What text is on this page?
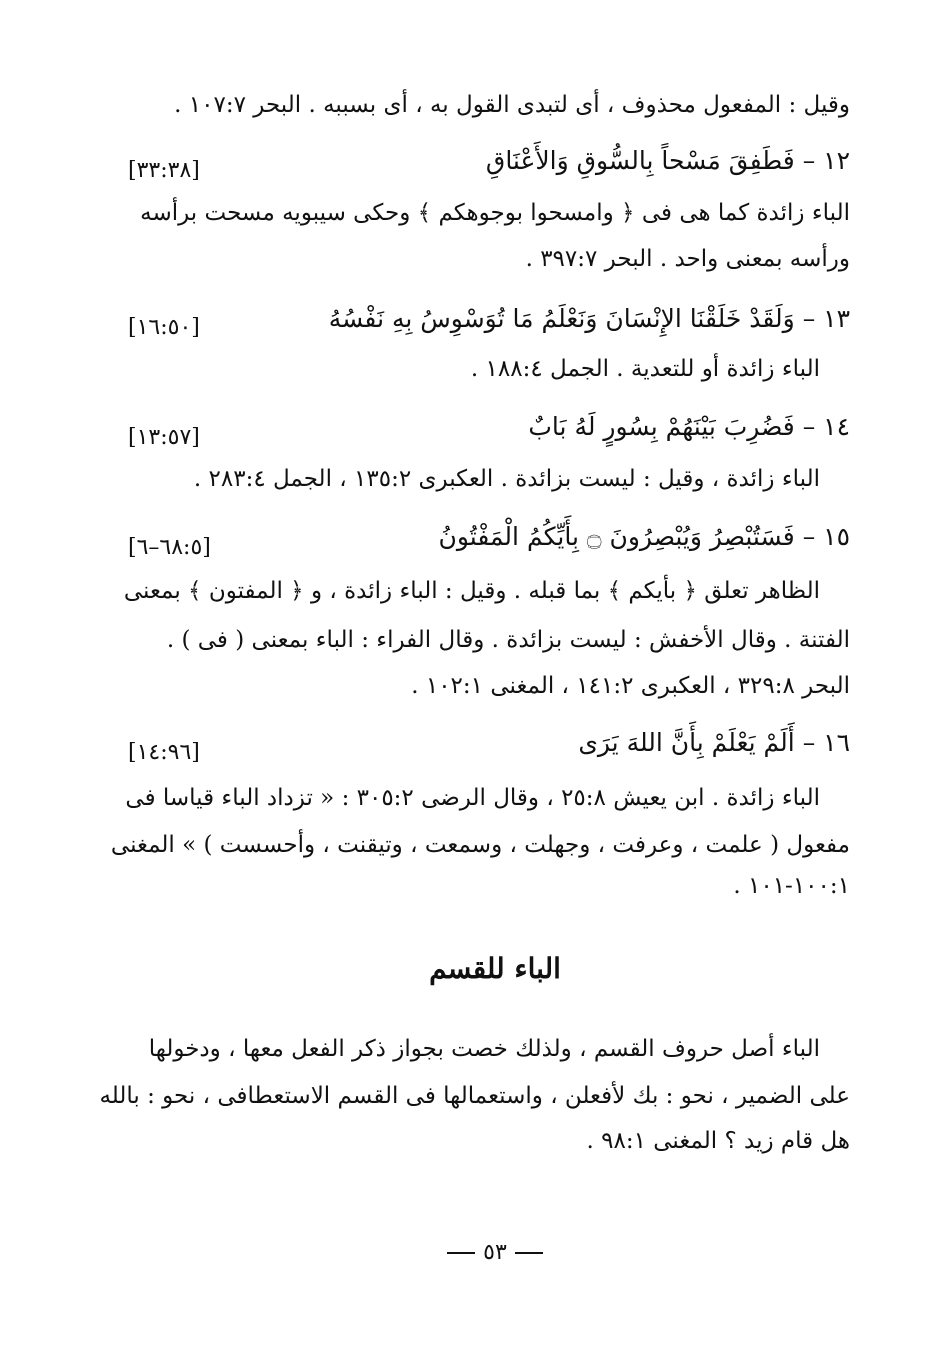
وقيل : المفعول محذوف ، أى لتبدى القول به ، أى بسببه . البحر ١٠٧:٧ .
١٢ – فَطَفِقَ مَسْحاً بِالسُّوقِ وَالأَعْنَاقِ
[٣٣:٣٨]
الباء زائدة كما هى فى ﴿ وامسحوا بوجوهكم ﴾ وحكى سيبويه مسحت برأسه
ورأسه بمعنى واحد . البحر ٣٩٧:٧ .
١٣ – وَلَقَدْ خَلَقْنَا الإِنْسَانَ وَنَعْلَمُ مَا تُوَسْوِسُ بِهِ نَفْسُهُ
[١٦:٥٠]
الباء زائدة أو للتعدية . الجمل ١٨٨:٤ .
١٤ – فَضُرِبَ بَيْنَهُمْ بِسُورٍ لَهُ بَابٌ
[١٣:٥٧]
الباء زائدة ، وقيل : ليست بزائدة . العكبرى ١٣٥:٢ ، الجمل ٢٨٣:٤ .
١٥ – فَسَتُبْصِرُ وَيُبْصِرُونَ ۝ بِأَيِّكُمُ الْمَفْتُونُ
[٦٨:٥–٦]
الظاهر تعلق ﴿ بأيكم ﴾ بما قبله . وقيل : الباء زائدة ، و ﴿ المفتون ﴾ بمعنى
الفتنة . وقال الأخفش : ليست بزائدة . وقال الفراء : الباء بمعنى ( فى ) .
البحر ٣٢٩:٨ ، العكبرى ١٤١:٢ ، المغنى ١٠٢:١ .
١٦ – أَلَمْ يَعْلَمْ بِأَنَّ اللهَ يَرَى
[١٤:٩٦]
الباء زائدة . ابن يعيش ٢٥:٨ ، وقال الرضى ٣٠٥:٢ : « تزداد الباء قياسا فى
مفعول ( علمت ، وعرفت ، وجهلت ، وسمعت ، وتيقنت ، وأحسست ) » المغنى
١٠٠:١-١٠١ .
الباء للقسم
الباء أصل حروف القسم ، ولذلك خصت بجواز ذكر الفعل معها ، ودخولها
على الضمير ، نحو : بك لأفعلن ، واستعمالها فى القسم الاستعطافى ، نحو : بالله
هل قام زيد ؟ المغنى ٩٨:١ .
٥٣
